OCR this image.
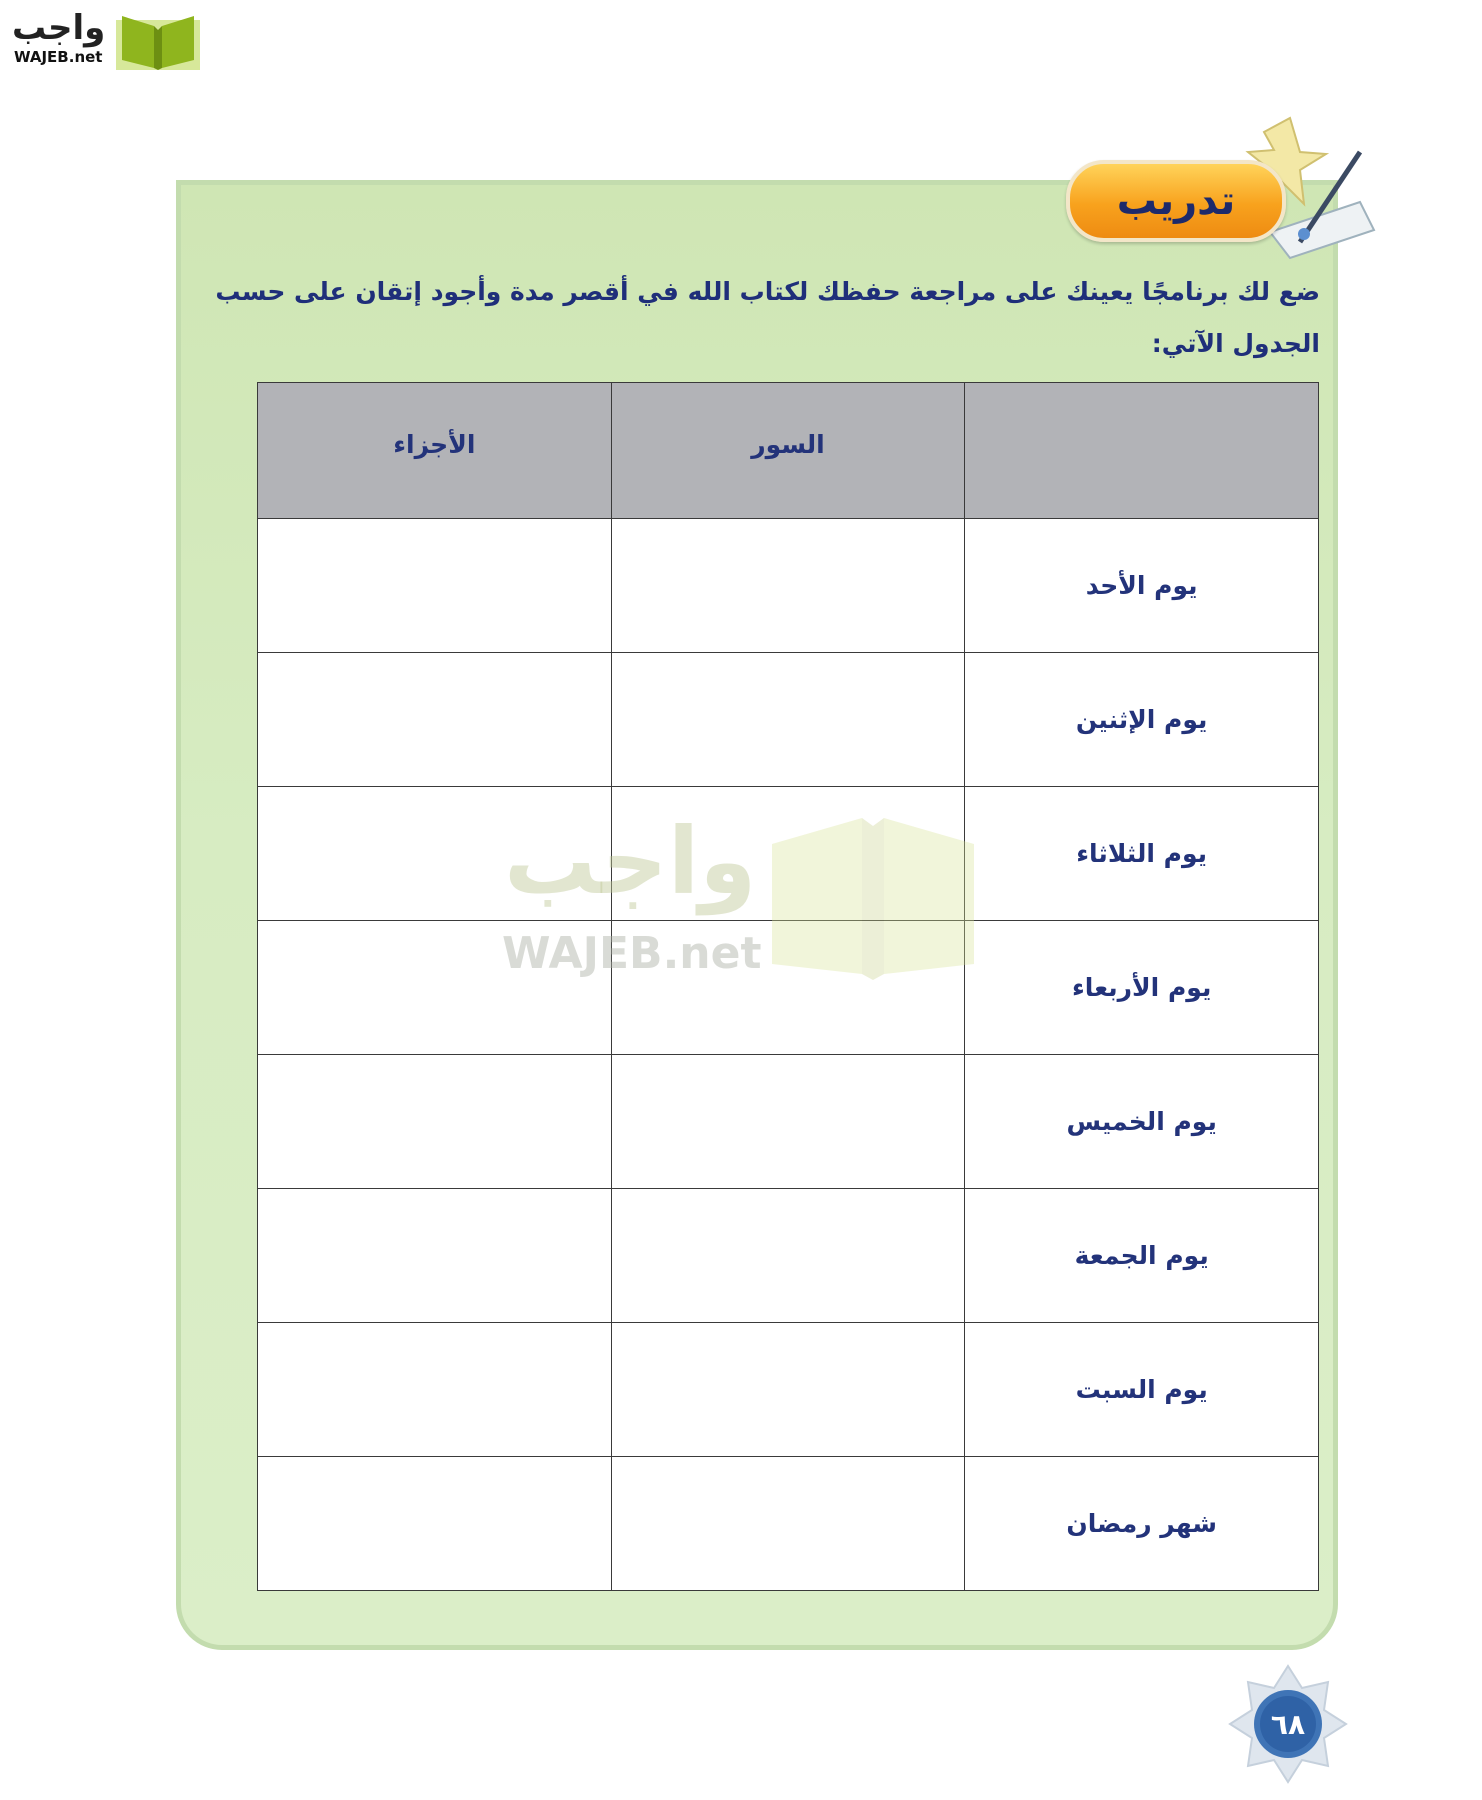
واجب
WAJEB.net
تدريب
ضع لك برنامجًا يعينك على مراجعة حفظك لكتاب الله في أقصر مدة وأجود إتقان على حسب الجدول الآتي:
	السور	الأجزاء
يوم الأحد		
يوم الإثنين		
يوم الثلاثاء		
يوم الأربعاء		
يوم الخميس		
يوم الجمعة		
يوم السبت		
شهر رمضان		
واجب
WAJEB.net
٦٨
